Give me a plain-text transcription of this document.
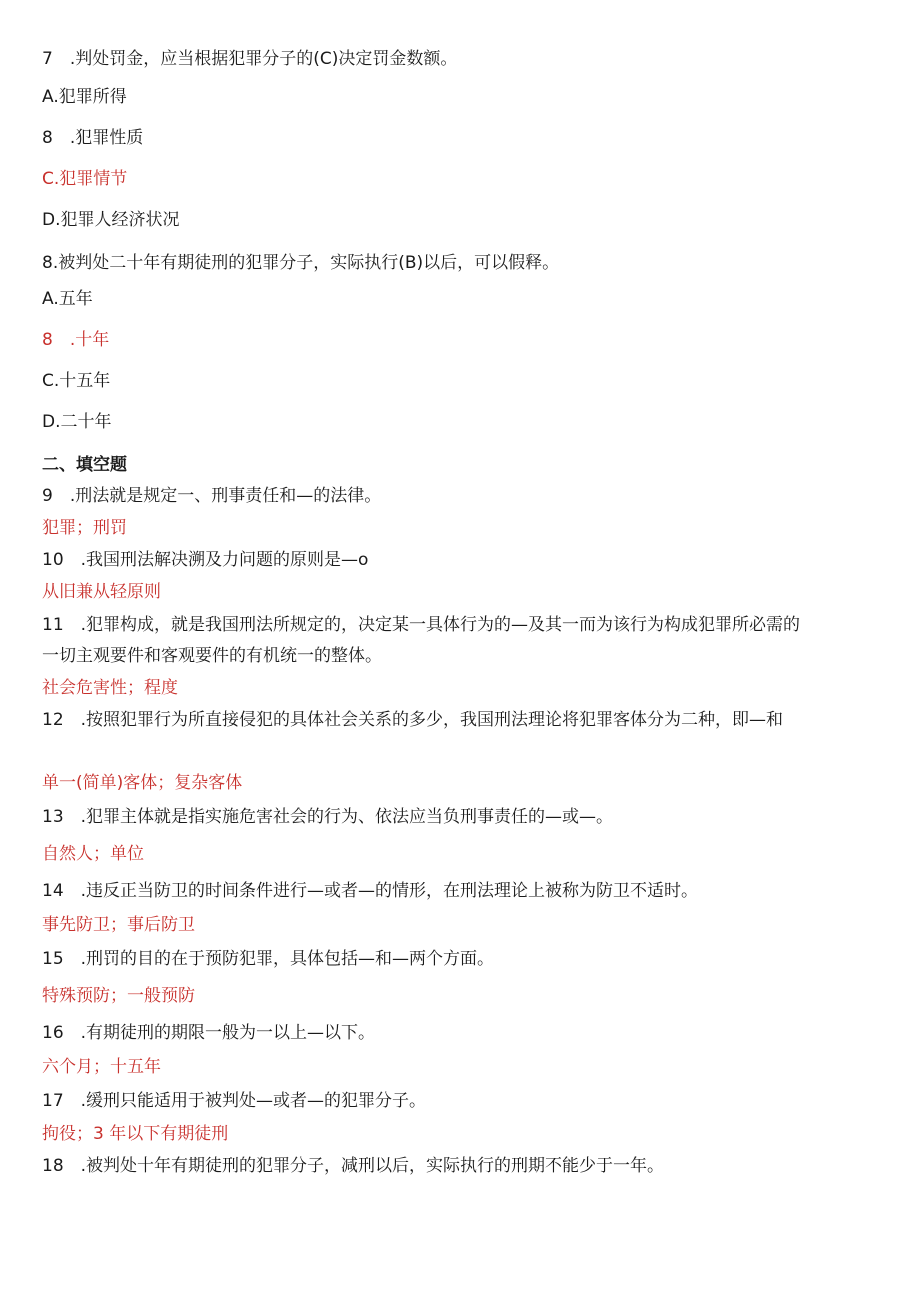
7　.判处罚金，应当根据犯罪分子的(C)决定罚金数额。
A.犯罪所得
8　.犯罪性质
C.犯罪情节
D.犯罪人经济状况
8.被判处二十年有期徒刑的犯罪分子，实际执行(B)以后，可以假释。
A.五年
8　.十年
C.十五年
D.二十年
二、填空题
9　.刑法就是规定一、刑事责任和—的法律。
犯罪；刑罚
10　.我国刑法解决溯及力问题的原则是—o
从旧兼从轻原则
11　.犯罪构成，就是我国刑法所规定的，决定某一具体行为的—及其一而为该行为构成犯罪所必需的
一切主观要件和客观要件的有机统一的整体。
社会危害性；程度
12　.按照犯罪行为所直接侵犯的具体社会关系的多少，我国刑法理论将犯罪客体分为二种，即—和
单一(简单)客体；复杂客体
13　.犯罪主体就是指实施危害社会的行为、依法应当负刑事责任的—或—。
自然人；单位
14　.违反正当防卫的时间条件进行—或者—的情形，在刑法理论上被称为防卫不适时。
事先防卫；事后防卫
15　.刑罚的目的在于预防犯罪，具体包括—和—两个方面。
特殊预防；一般预防
16　.有期徒刑的期限一般为一以上—以下。
六个月；十五年
17　.缓刑只能适用于被判处—或者—的犯罪分子。
拘役；3 年以下有期徒刑
18　.被判处十年有期徒刑的犯罪分子，减刑以后，实际执行的刑期不能少于一年。
